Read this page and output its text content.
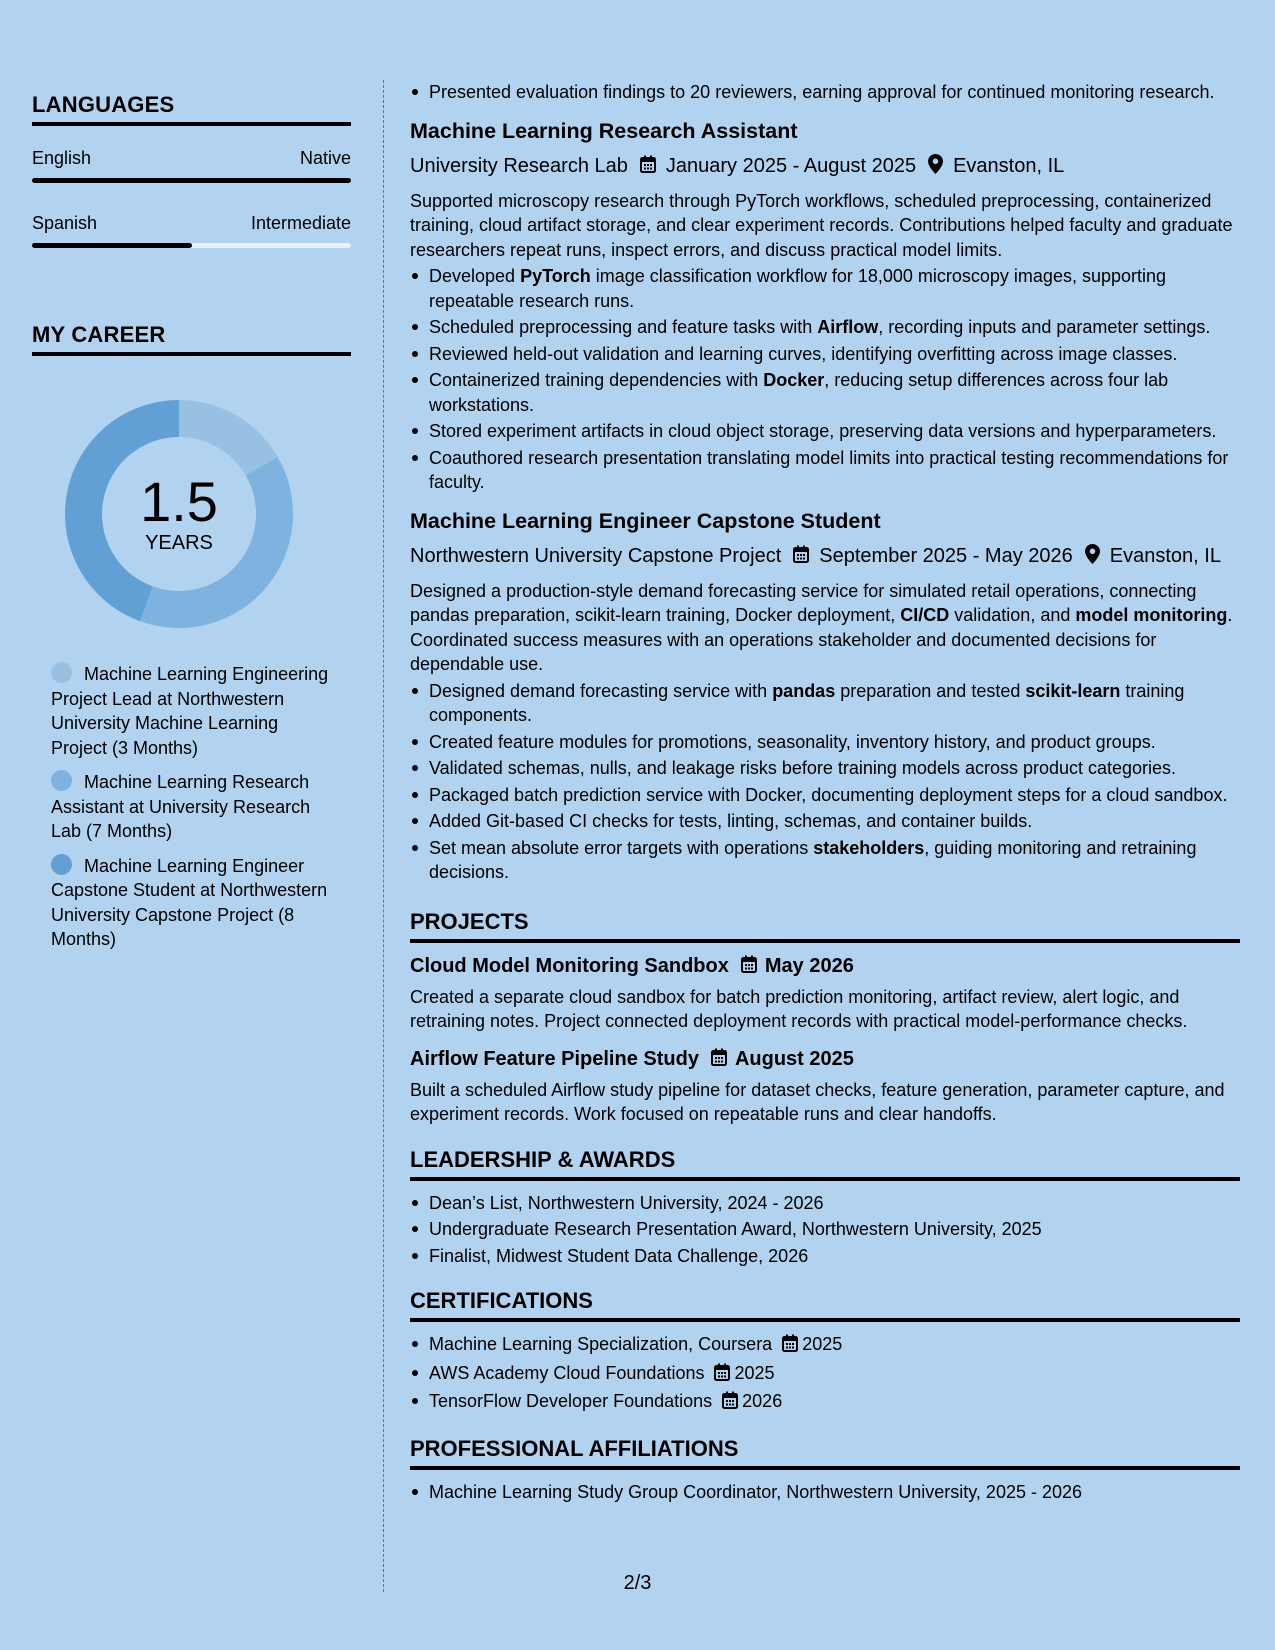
LANGUAGES
English	Native
Spanish	Intermediate
MY CAREER
1.5
YEARS
Machine Learning Engineering Project Lead at Northwestern University Machine Learning Project (3 Months)
Machine Learning Research Assistant at University Research Lab (7 Months)
Machine Learning Engineer Capstone Student at Northwestern University Capstone Project (8 Months)
Presented evaluation findings to 20 reviewers, earning approval for continued monitoring research.
Machine Learning Research Assistant
University Research Lab January 2025 - August 2025 Evanston, IL
Supported microscopy research through PyTorch workflows, scheduled preprocessing, containerized training, cloud artifact storage, and clear experiment records. Contributions helped faculty and graduate researchers repeat runs, inspect errors, and discuss practical model limits.
Developed PyTorch image classification workflow for 18,000 microscopy images, supporting repeatable research runs.
Scheduled preprocessing and feature tasks with Airflow, recording inputs and parameter settings.
Reviewed held-out validation and learning curves, identifying overfitting across image classes.
Containerized training dependencies with Docker, reducing setup differences across four lab workstations.
Stored experiment artifacts in cloud object storage, preserving data versions and hyperparameters.
Coauthored research presentation translating model limits into practical testing recommendations for faculty.
Machine Learning Engineer Capstone Student
Northwestern University Capstone Project September 2025 - May 2026 Evanston, IL
Designed a production-style demand forecasting service for simulated retail operations, connecting pandas preparation, scikit-learn training, Docker deployment, CI/CD validation, and model monitoring. Coordinated success measures with an operations stakeholder and documented decisions for dependable use.
Designed demand forecasting service with pandas preparation and tested scikit-learn training components.
Created feature modules for promotions, seasonality, inventory history, and product groups.
Validated schemas, nulls, and leakage risks before training models across product categories.
Packaged batch prediction service with Docker, documenting deployment steps for a cloud sandbox.
Added Git-based CI checks for tests, linting, schemas, and container builds.
Set mean absolute error targets with operations stakeholders, guiding monitoring and retraining decisions.
PROJECTS
Cloud Model Monitoring Sandbox May 2026
Created a separate cloud sandbox for batch prediction monitoring, artifact review, alert logic, and retraining notes. Project connected deployment records with practical model-performance checks.
Airflow Feature Pipeline Study August 2025
Built a scheduled Airflow study pipeline for dataset checks, feature generation, parameter capture, and experiment records. Work focused on repeatable runs and clear handoffs.
LEADERSHIP & AWARDS
Dean’s List, Northwestern University, 2024 - 2026
Undergraduate Research Presentation Award, Northwestern University, 2025
Finalist, Midwest Student Data Challenge, 2026
CERTIFICATIONS
Machine Learning Specialization, Coursera 2025
AWS Academy Cloud Foundations 2025
TensorFlow Developer Foundations 2026
PROFESSIONAL AFFILIATIONS
Machine Learning Study Group Coordinator, Northwestern University, 2025 - 2026
2/3
